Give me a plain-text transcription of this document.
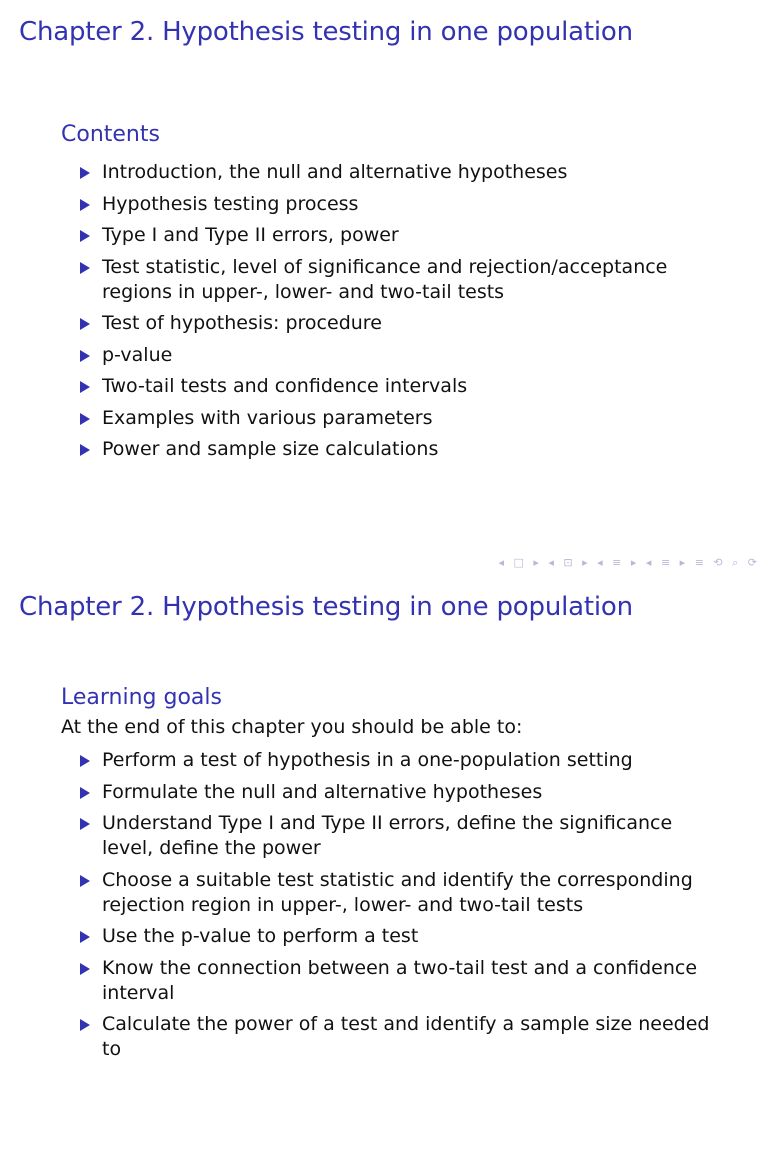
Chapter 2. Hypothesis testing in one population
Contents
Introduction, the null and alternative hypotheses
Hypothesis testing process
Type I and Type II errors, power
Test statistic, level of significance and rejection/acceptance regions in upper-, lower- and two-tail tests
Test of hypothesis: procedure
p-value
Two-tail tests and confidence intervals
Examples with various parameters
Power and sample size calculations
◂ □ ▸ ◂ ⊡ ▸ ◂ ≡ ▸ ◂ ≡ ▸ ≡ ⟲ ⌕ ⟳
Chapter 2. Hypothesis testing in one population
Learning goals

At the end of this chapter you should be able to:

Perform a test of hypothesis in a one-population setting
Formulate the null and alternative hypotheses
Understand Type I and Type II errors, define the significance level, define the power
Choose a suitable test statistic and identify the corresponding rejection region in upper-, lower- and two-tail tests
Use the p-value to perform a test
Know the connection between a two-tail test and a confidence interval
Calculate the power of a test and identify a sample size needed to
